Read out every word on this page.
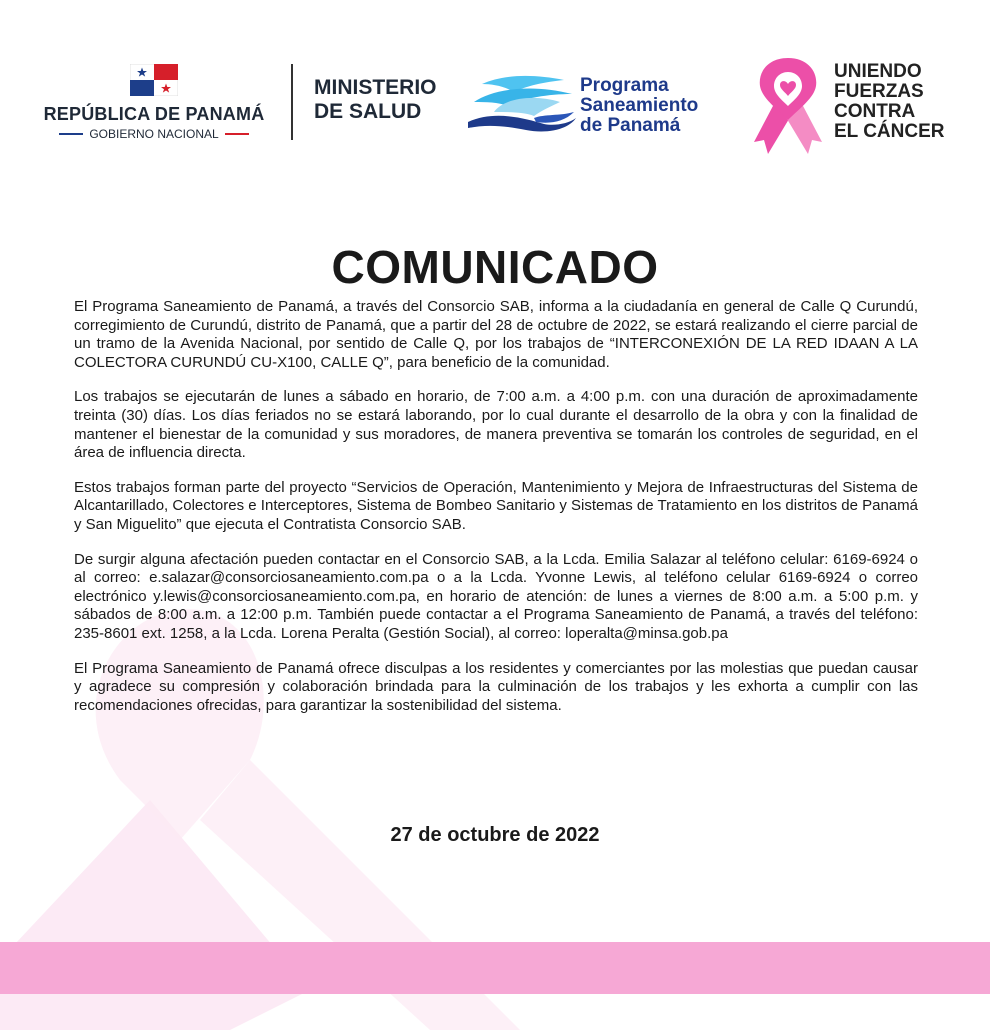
REPÚBLICA DE PANAMÁ
GOBIERNO NACIONAL
MINISTERIO
DE SALUD
Programa
Saneamiento
de Panamá
UNIENDO
FUERZAS
CONTRA
EL CÁNCER
COMUNICADO

El Programa Saneamiento de Panamá, a través del Consorcio SAB, informa a la ciudadanía en general de Calle Q Curundú, corregimiento de Curundú, distrito de Panamá, que a partir del 28 de octubre de 2022, se estará realizando el cierre parcial de un tramo de la Avenida Nacional, por sentido de Calle Q, por los trabajos de “INTERCONEXIÓN DE LA RED IDAAN A LA COLECTORA CURUNDÚ CU-X100, CALLE Q”, para beneficio de la comunidad.

Los trabajos se ejecutarán de lunes a sábado en horario, de 7:00 a.m. a 4:00 p.m. con una duración de aproximadamente treinta (30) días. Los días feriados no se estará laborando, por lo cual durante el desarrollo de la obra y con la finalidad de mantener el bienestar de la comunidad y sus moradores, de manera preventiva se tomarán los controles de seguridad, en el área de influencia directa.

Estos trabajos forman parte del proyecto “Servicios de Operación, Mantenimiento y Mejora de Infraestructuras del Sistema de Alcantarillado, Colectores e Interceptores, Sistema de Bombeo Sanitario y Sistemas de Tratamiento en los distritos de Panamá y San Miguelito” que ejecuta el Contratista Consorcio SAB.

De surgir alguna afectación pueden contactar en el Consorcio SAB, a la Lcda. Emilia Salazar al teléfono celular: 6169-6924 o al correo: e.salazar@consorciosaneamiento.com.pa o a la Lcda. Yvonne Lewis, al teléfono celular 6169-6924 o correo electrónico y.lewis@consorciosaneamiento.com.pa, en horario de atención: de lunes a viernes de 8:00 a.m. a 5:00 p.m. y sábados de 8:00 a.m. a 12:00 p.m. También puede contactar a el Programa Saneamiento de Panamá, a través del teléfono: 235-8601 ext. 1258, a la Lcda. Lorena Peralta (Gestión Social), al correo: loperalta@minsa.gob.pa

El Programa Saneamiento de Panamá ofrece disculpas a los residentes y comerciantes por las molestias que puedan causar y agradece su compresión y colaboración brindada para la culminación de los trabajos y les exhorta a cumplir con las recomendaciones ofrecidas, para garantizar la sostenibilidad del sistema.

27 de octubre de 2022
